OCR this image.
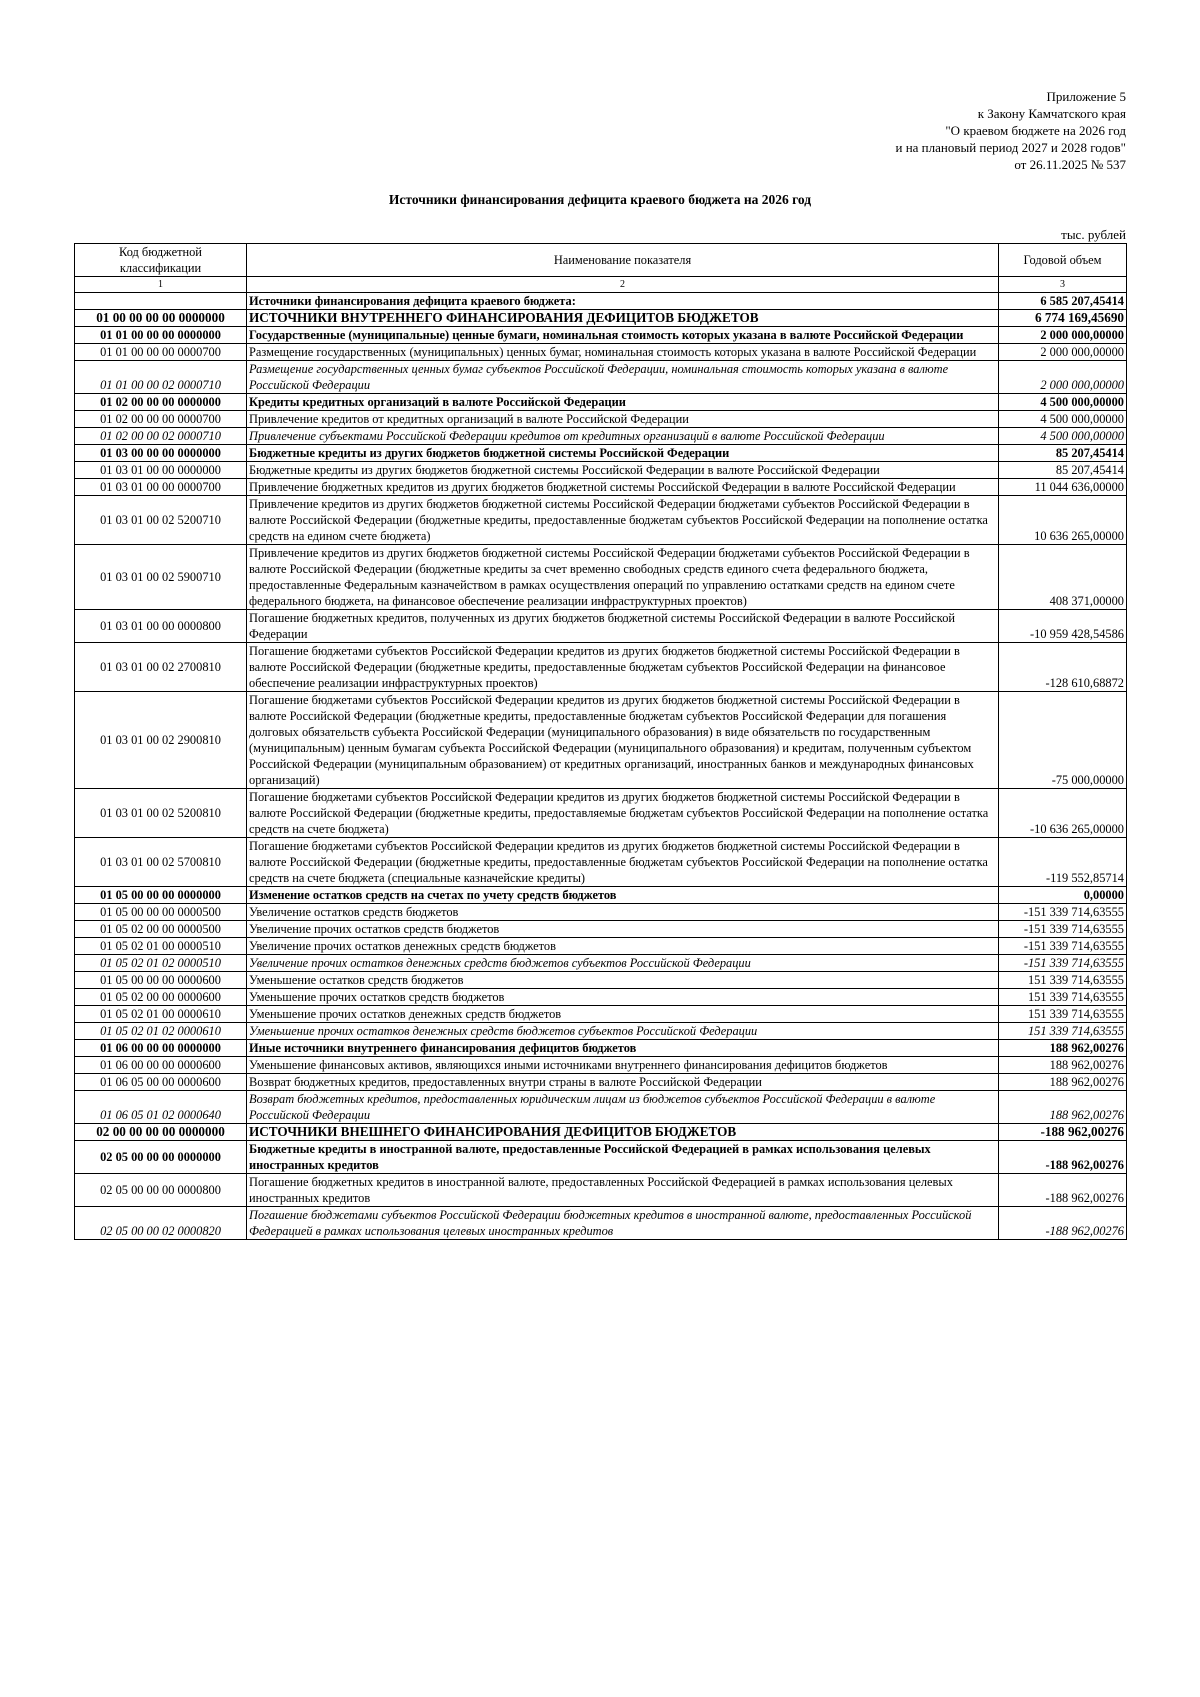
Приложение 5
к Закону Камчатского края
"О краевом бюджете на 2026 год
и на плановый период 2027 и 2028 годов"
от 26.11.2025 № 537
Источники финансирования дефицита краевого бюджета на 2026 год
тыс. рублей
Код бюджетной классификации	Наименование показателя	Годовой объем
1	2	3
	Источники финансирования дефицита краевого бюджета:	6 585 207,45414
01 00 00 00 00 0000000	ИСТОЧНИКИ ВНУТРЕННЕГО ФИНАНСИРОВАНИЯ ДЕФИЦИТОВ БЮДЖЕТОВ	6 774 169,45690
01 01 00 00 00 0000000	Государственные (муниципальные) ценные бумаги, номинальная стоимость которых указана в валюте Российской Федерации	2 000 000,00000
01 01 00 00 00 0000700	Размещение государственных (муниципальных) ценных бумаг, номинальная стоимость которых указана в валюте Российской Федерации	2 000 000,00000
01 01 00 00 02 0000710	Размещение государственных ценных бумаг субъектов Российской Федерации, номинальная стоимость которых указана в валюте Российской Федерации	2 000 000,00000
01 02 00 00 00 0000000	Кредиты кредитных организаций в валюте Российской Федерации	4 500 000,00000
01 02 00 00 00 0000700	Привлечение кредитов от кредитных организаций в валюте Российской Федерации	4 500 000,00000
01 02 00 00 02 0000710	Привлечение субъектами Российской Федерации кредитов от кредитных организаций в валюте Российской Федерации	4 500 000,00000
01 03 00 00 00 0000000	Бюджетные кредиты из других бюджетов бюджетной системы Российской Федерации	85 207,45414
01 03 01 00 00 0000000	Бюджетные кредиты из других бюджетов бюджетной системы Российской Федерации в валюте Российской Федерации	85 207,45414
01 03 01 00 00 0000700	Привлечение бюджетных кредитов из других бюджетов бюджетной системы Российской Федерации в валюте Российской Федерации	11 044 636,00000
01 03 01 00 02 5200710	Привлечение кредитов из других бюджетов бюджетной системы Российской Федерации бюджетами субъектов Российской Федерации в валюте Российской Федерации (бюджетные кредиты, предоставленные бюджетам субъектов Российской Федерации на пополнение остатка средств на едином счете бюджета)	10 636 265,00000
01 03 01 00 02 5900710	Привлечение кредитов из других бюджетов бюджетной системы Российской Федерации бюджетами субъектов Российской Федерации в валюте Российской Федерации (бюджетные кредиты за счет временно свободных средств единого счета федерального бюджета, предоставленные Федеральным казначейством в рамках осуществления операций по управлению остатками средств на едином счете федерального бюджета, на финансовое обеспечение реализации инфраструктурных проектов)	408 371,00000
01 03 01 00 00 0000800	Погашение бюджетных кредитов, полученных из других бюджетов бюджетной системы Российской Федерации в валюте Российской Федерации	-10 959 428,54586
01 03 01 00 02 2700810	Погашение бюджетами субъектов Российской Федерации кредитов из других бюджетов бюджетной системы Российской Федерации в валюте Российской Федерации (бюджетные кредиты, предоставленные бюджетам субъектов Российской Федерации на финансовое обеспечение реализации инфраструктурных проектов)	-128 610,68872
01 03 01 00 02 2900810	Погашение бюджетами субъектов Российской Федерации кредитов из других бюджетов бюджетной системы Российской Федерации в валюте Российской Федерации (бюджетные кредиты, предоставленные бюджетам субъектов Российской Федерации для погашения долговых обязательств субъекта Российской Федерации (муниципального образования) в виде обязательств по государственным (муниципальным) ценным бумагам субъекта Российской Федерации (муниципального образования) и кредитам, полученным субъектом Российской Федерации (муниципальным образованием) от кредитных организаций, иностранных банков и международных финансовых организаций)	-75 000,00000
01 03 01 00 02 5200810	Погашение бюджетами субъектов Российской Федерации кредитов из других бюджетов бюджетной системы Российской Федерации в валюте Российской Федерации (бюджетные кредиты, предоставляемые бюджетам субъектов Российской Федерации на пополнение остатка средств на счете бюджета)	-10 636 265,00000
01 03 01 00 02 5700810	Погашение бюджетами субъектов Российской Федерации кредитов из других бюджетов бюджетной системы Российской Федерации в валюте Российской Федерации (бюджетные кредиты, предоставленные бюджетам субъектов Российской Федерации на пополнение остатка средств на счете бюджета (специальные казначейские кредиты)	-119 552,85714
01 05 00 00 00 0000000	Изменение остатков средств на счетах по учету средств бюджетов	0,00000
01 05 00 00 00 0000500	Увеличение остатков средств бюджетов	-151 339 714,63555
01 05 02 00 00 0000500	Увеличение прочих остатков средств бюджетов	-151 339 714,63555
01 05 02 01 00 0000510	Увеличение прочих остатков денежных средств бюджетов	-151 339 714,63555
01 05 02 01 02 0000510	Увеличение прочих остатков денежных средств бюджетов субъектов Российской Федерации	-151 339 714,63555
01 05 00 00 00 0000600	Уменьшение остатков средств бюджетов	151 339 714,63555
01 05 02 00 00 0000600	Уменьшение прочих остатков средств бюджетов	151 339 714,63555
01 05 02 01 00 0000610	Уменьшение прочих остатков денежных средств бюджетов	151 339 714,63555
01 05 02 01 02 0000610	Уменьшение прочих остатков денежных средств бюджетов субъектов Российской Федерации	151 339 714,63555
01 06 00 00 00 0000000	Иные источники внутреннего финансирования дефицитов бюджетов	188 962,00276
01 06 00 00 00 0000600	Уменьшение финансовых активов, являющихся иными источниками внутреннего финансирования дефицитов бюджетов	188 962,00276
01 06 05 00 00 0000600	Возврат бюджетных кредитов, предоставленных внутри страны в валюте Российской Федерации	188 962,00276
01 06 05 01 02 0000640	Возврат бюджетных кредитов, предоставленных юридическим лицам из бюджетов субъектов Российской Федерации в валюте Российской Федерации	188 962,00276
02 00 00 00 00 0000000	ИСТОЧНИКИ ВНЕШНЕГО ФИНАНСИРОВАНИЯ ДЕФИЦИТОВ БЮДЖЕТОВ	-188 962,00276
02 05 00 00 00 0000000	Бюджетные кредиты в иностранной валюте, предоставленные Российской Федерацией в рамках использования целевых иностранных кредитов	-188 962,00276
02 05 00 00 00 0000800	Погашение бюджетных кредитов в иностранной валюте, предоставленных Российской Федерацией в рамках использования целевых иностранных кредитов	-188 962,00276
02 05 00 00 02 0000820	Погашение бюджетами субъектов Российской Федерации бюджетных кредитов в иностранной валюте, предоставленных Российской Федерацией в рамках использования целевых иностранных кредитов	-188 962,00276
